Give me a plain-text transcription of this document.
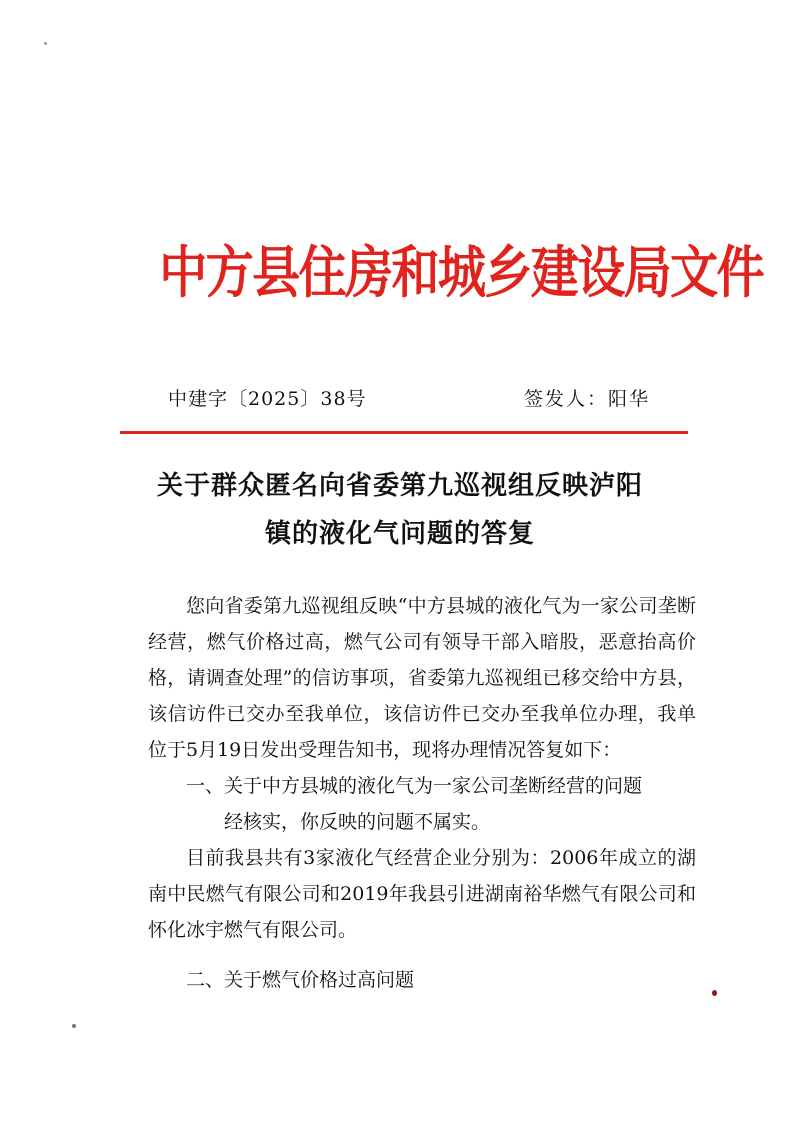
中方县住房和城乡建设局文件
中建字〔2025〕38号	签发人：阳华
关于群众匿名向省委第九巡视组反映泸阳
镇的液化气问题的答复

您向省委第九巡视组反映“中方县城的液化气为一家公司垄断经营，燃气价格过高，燃气公司有领导干部入暗股，恶意抬高价格，请调查处理”的信访事项，省委第九巡视组已移交给中方县，该信访件已交办至我单位，该信访件已交办至我单位办理，我单位于5月19日发出受理告知书，现将办理情况答复如下：

一、关于中方县城的液化气为一家公司垄断经营的问题
经核实，你反映的问题不属实。

目前我县共有3家液化气经营企业分别为：2006年成立的湖南中民燃气有限公司和2019年我县引进湖南裕华燃气有限公司和怀化冰宇燃气有限公司。

二、关于燃气价格过高问题
